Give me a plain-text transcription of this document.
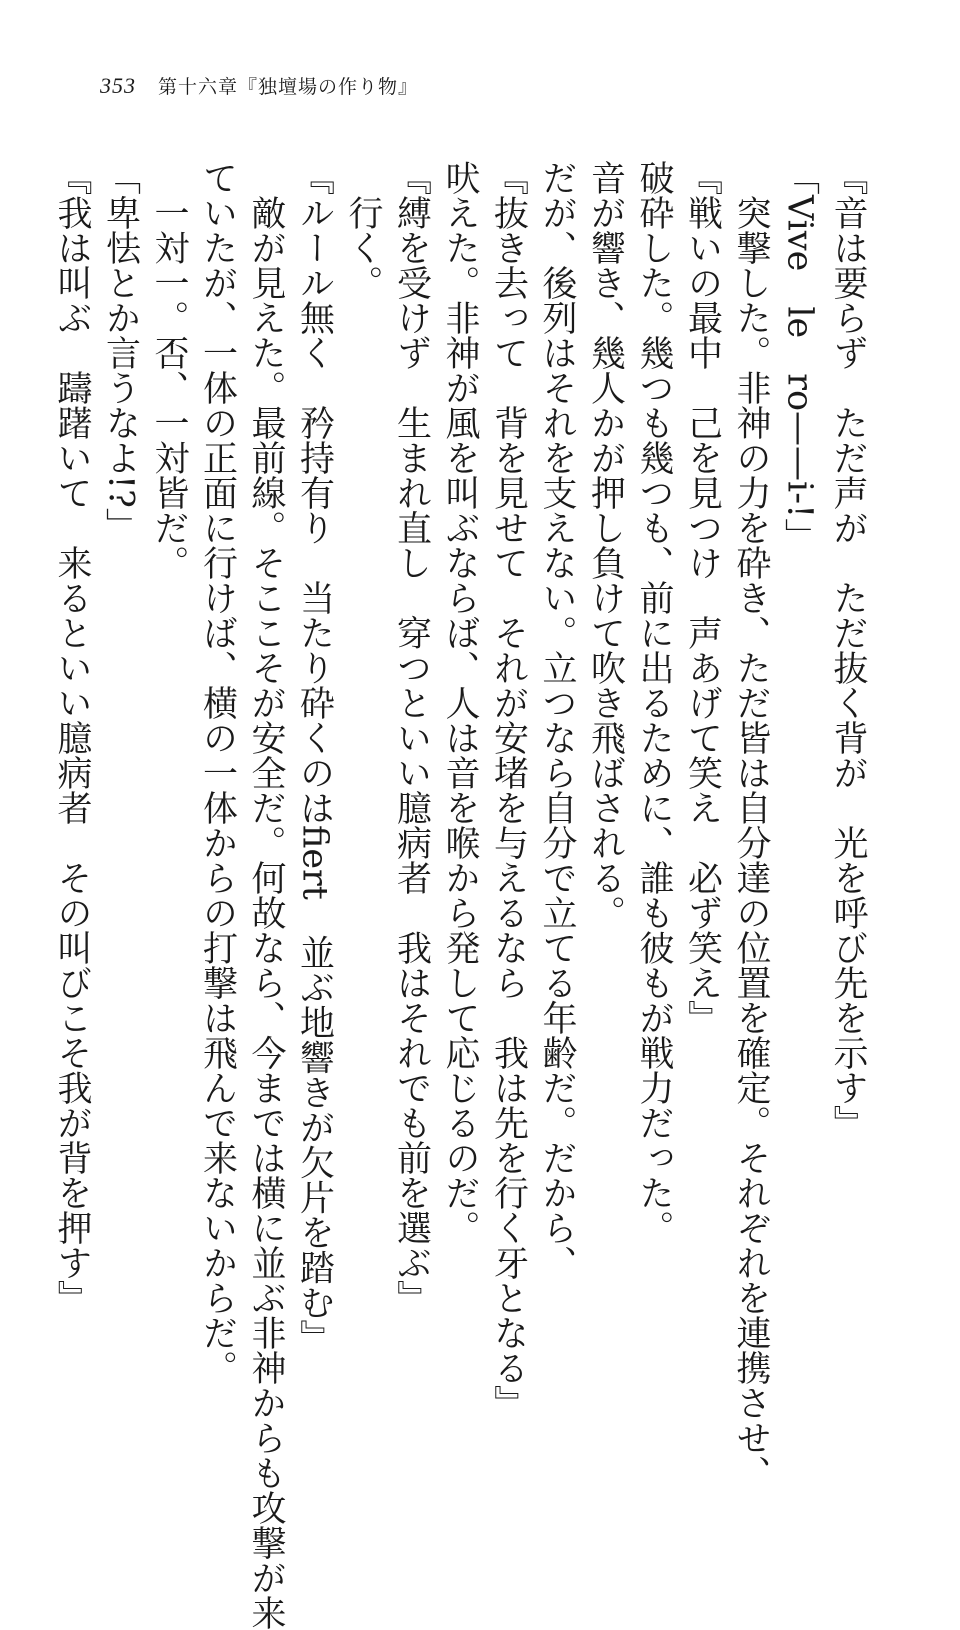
353 第十六章『独壇場の作り物』
『音は要らず　ただ声が　ただ抜く背が　光を呼び先を示す』
「Vive　le　ro——i-!」
突撃した。非神の力を砕き、ただ皆は自分達の位置を確定。それぞれを連携させ、
『戦いの最中　己を見つけ　声あげて笑え　必ず笑え』
破砕した。幾つも幾つも、前に出るために、誰も彼もが戦力だった。
音が響き、幾人かが押し負けて吹き飛ばされる。
だが、後列はそれを支えない。立つなら自分で立てる年齢だ。だから、
『抜き去って　背を見せて　それが安堵を与えるなら　我は先を行く牙となる』
吠えた。非神が風を叫ぶならば、人は音を喉から発して応じるのだ。
『縛を受けず　生まれ直し　穿つといい臆病者　我はそれでも前を選ぶ』
行く。
『ルール無く　矜持有り　当たり砕くのはfiert　並ぶ地響きが欠片を踏む』
敵が見えた。最前線。そここそが安全だ。何故なら、今までは横に並ぶ非神からも攻撃が来
ていたが、一体の正面に行けば、横の一体からの打撃は飛んで来ないからだ。
一対一。否、一対皆だ。
「卑怯とか言うなよ!?」
『我は叫ぶ　躊躇いて　来るといい臆病者　その叫びこそ我が背を押す』
